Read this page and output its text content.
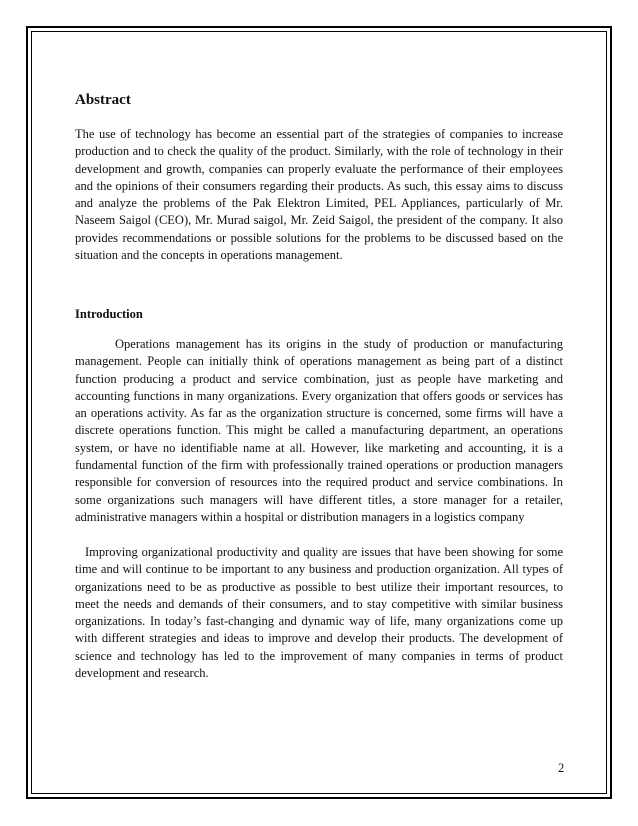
Abstract

The use of technology has become an essential part of the strategies of companies to increase production and to check the quality of the product. Similarly, with the role of technology in their development and growth, companies can properly evaluate the performance of their employees and the opinions of their consumers regarding their products. As such, this essay aims to discuss and analyze the problems of the Pak Elektron Limited, PEL Appliances, particularly of Mr. Naseem Saigol (CEO), Mr. Murad saigol, Mr. Zeid Saigol, the president of the company. It also provides recommendations or possible solutions for the problems to be discussed based on the situation and the concepts in operations management.

Introduction

Operations management has its origins in the study of production or manufacturing management. People can initially think of operations management as being part of a distinct function producing a product and service combination, just as people have marketing and accounting functions in many organizations. Every organization that offers goods or services has an operations activity. As far as the organization structure is concerned, some firms will have a discrete operations function. This might be called a manufacturing department, an operations system, or have no identifiable name at all. However, like marketing and accounting, it is a fundamental function of the firm with professionally trained operations or production managers responsible for conversion of resources into the required product and service combinations. In some organizations such managers will have different titles, a store manager for a retailer, administrative managers within a hospital or distribution managers in a logistics company

Improving organizational productivity and quality are issues that have been showing for some time and will continue to be important to any business and production organization. All types of organizations need to be as productive as possible to best utilize their important resources, to meet the needs and demands of their consumers, and to stay competitive with similar business organizations. In today’s fast-changing and dynamic way of life, many organizations come up with different strategies and ideas to improve and develop their products. The development of science and technology has led to the improvement of many companies in terms of product development and research.

2
